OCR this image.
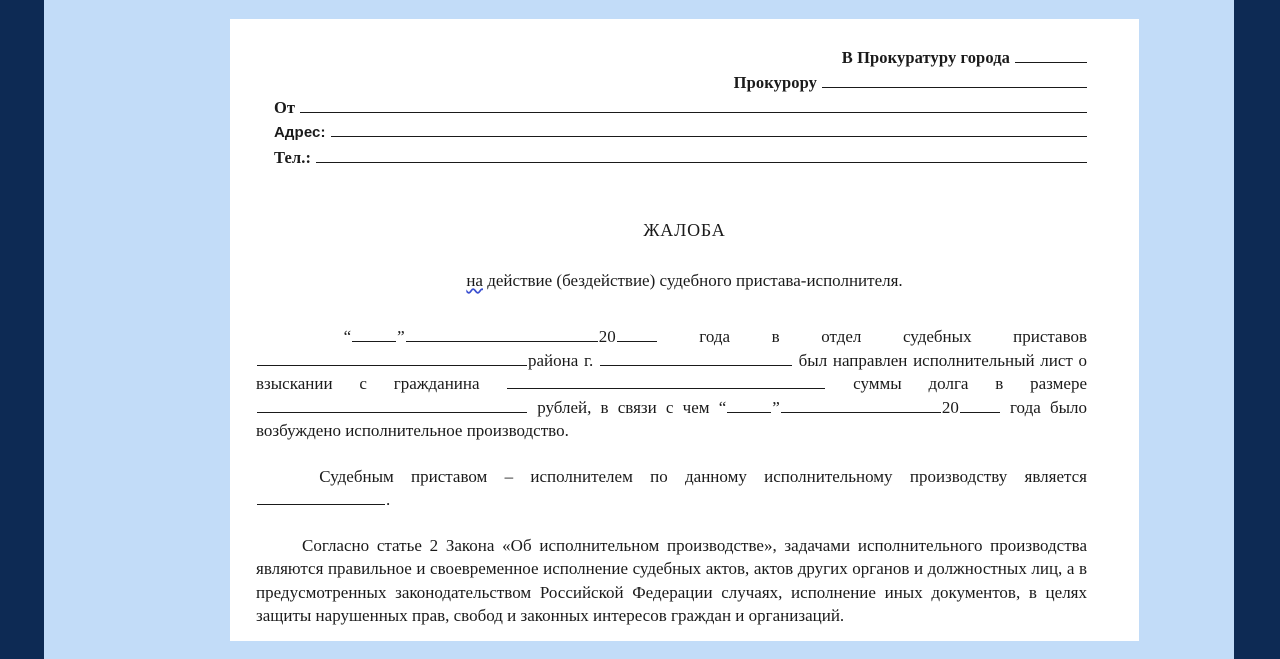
В Прокуратуру города
Прокурору
От
Адрес:
Тел.:
ЖАЛОБА
на действие (бездействие) судебного пристава-исполнителя.

“	”	20 года в отдел судебных приставов района г.	был направлен исполнительный лист о взыскании с гражданина	суммы долга в размере  рублей, в связи с чем “	”	20 года было возбуждено исполнительное производство.

Судебным приставом – исполнителем по данному исполнительному производству является .

Согласно статье 2 Закона «Об исполнительном производстве», задачами исполнительного производства являются правильное и своевременное исполнение судебных актов, актов других органов и должностных лиц, а в предусмотренных законодательством Российской Федерации случаях, исполнение иных документов, в целях защиты нарушенных прав, свобод и законных интересов граждан и организаций.
